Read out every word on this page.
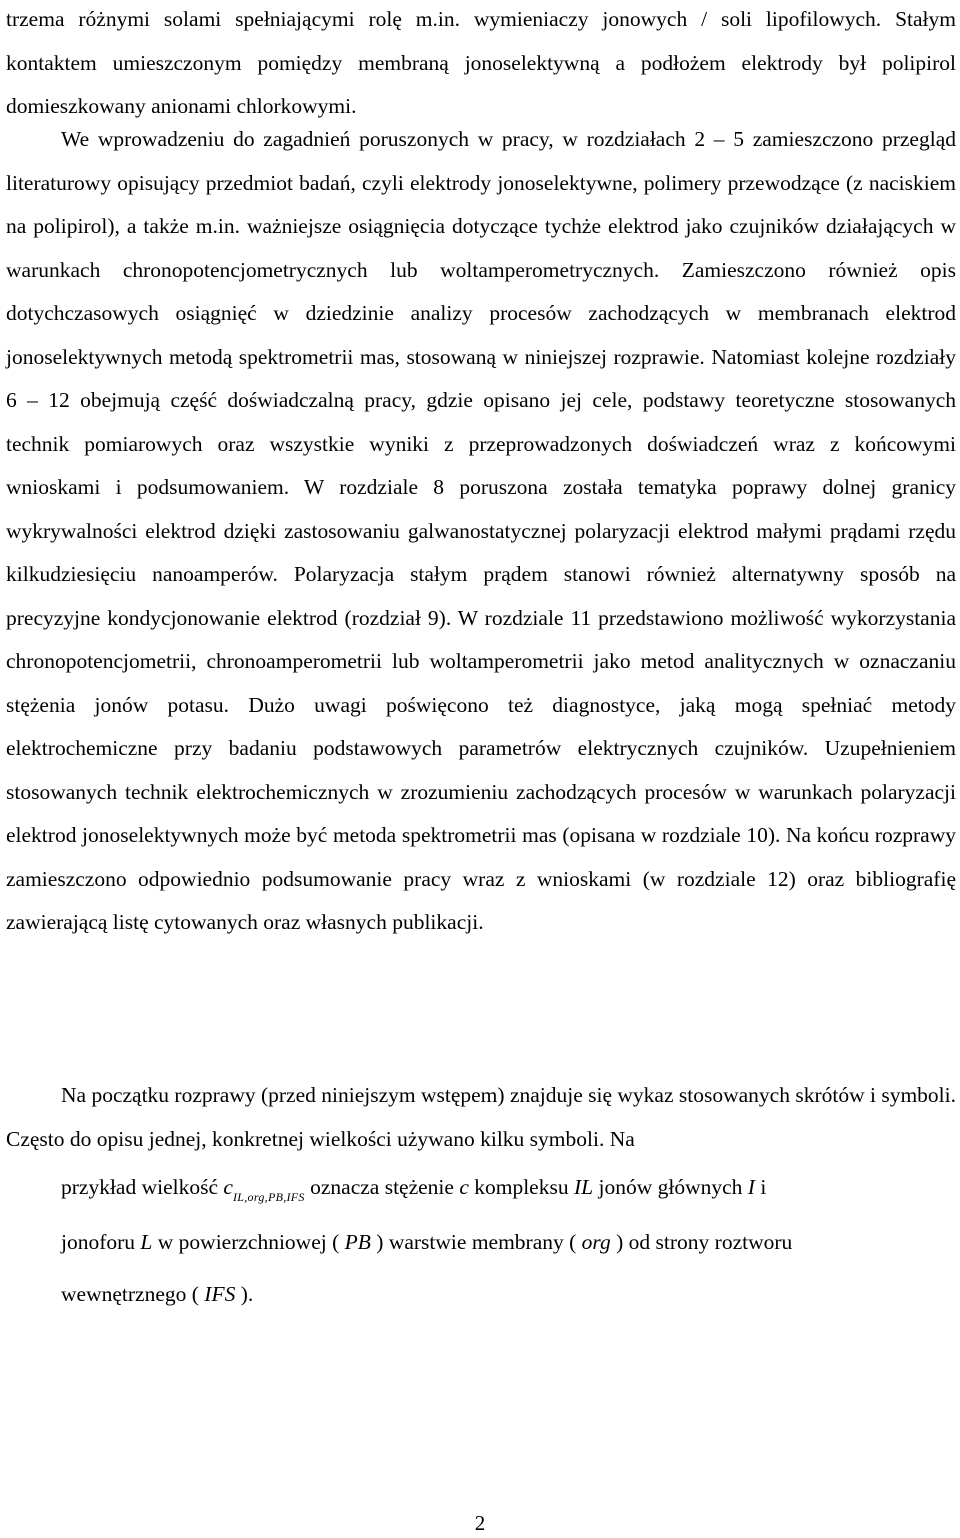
trzema różnymi solami spełniającymi rolę m.in. wymieniaczy jonowych / soli lipofilowych. Stałym kontaktem umieszczonym pomiędzy membraną jonoselektywną a podłożem elektrody był polipirol domieszkowany anionami chlorkowymi.

We wprowadzeniu do zagadnień poruszonych w pracy, w rozdziałach 2 – 5 zamieszczono przegląd literaturowy opisujący przedmiot badań, czyli elektrody jonoselektywne, polimery przewodzące (z naciskiem na polipirol), a także m.in. ważniejsze osiągnięcia dotyczące tychże elektrod jako czujników działających w warunkach chronopotencjometrycznych lub woltamperometrycznych. Zamieszczono również opis dotychczasowych osiągnięć w dziedzinie analizy procesów zachodzących w membranach elektrod jonoselektywnych metodą spektrometrii mas, stosowaną w niniejszej rozprawie. Natomiast kolejne rozdziały 6 – 12 obejmują część doświadczalną pracy, gdzie opisano jej cele, podstawy teoretyczne stosowanych technik pomiarowych oraz wszystkie wyniki z przeprowadzonych doświadczeń wraz z końcowymi wnioskami i podsumowaniem. W rozdziale 8 poruszona została tematyka poprawy dolnej granicy wykrywalności elektrod dzięki zastosowaniu galwanostatycznej polaryzacji elektrod małymi prądami rzędu kilkudziesięciu nanoamperów. Polaryzacja stałym prądem stanowi również alternatywny sposób na precyzyjne kondycjonowanie elektrod (rozdział 9). W rozdziale 11 przedstawiono możliwość wykorzystania chronopotencjometrii, chronoamperometrii lub woltamperometrii jako metod analitycznych w oznaczaniu stężenia jonów potasu. Dużo uwagi poświęcono też diagnostyce, jaką mogą spełniać metody elektrochemiczne przy badaniu podstawowych parametrów elektrycznych czujników. Uzupełnieniem stosowanych technik elektrochemicznych w zrozumieniu zachodzących procesów w warunkach polaryzacji elektrod jonoselektywnych może być metoda spektrometrii mas (opisana w rozdziale 10). Na końcu rozprawy zamieszczono odpowiednio podsumowanie pracy wraz z wnioskami (w rozdziale 12) oraz bibliografię zawierającą listę cytowanych oraz własnych publikacji.

Na początku rozprawy (przed niniejszym wstępem) znajduje się wykaz stosowanych skrótów i symboli. Często do opisu jednej, konkretnej wielkości używano kilku symboli. Na
przykład wielkość $c_{IL,org,PB,IFS}$ oznacza stężenie c kompleksu IL jonów głównych I i
jonoforu L w powierzchniowej ( PB ) warstwie membrany ( org ) od strony roztworu
wewnętrznego ( IFS ).

2
